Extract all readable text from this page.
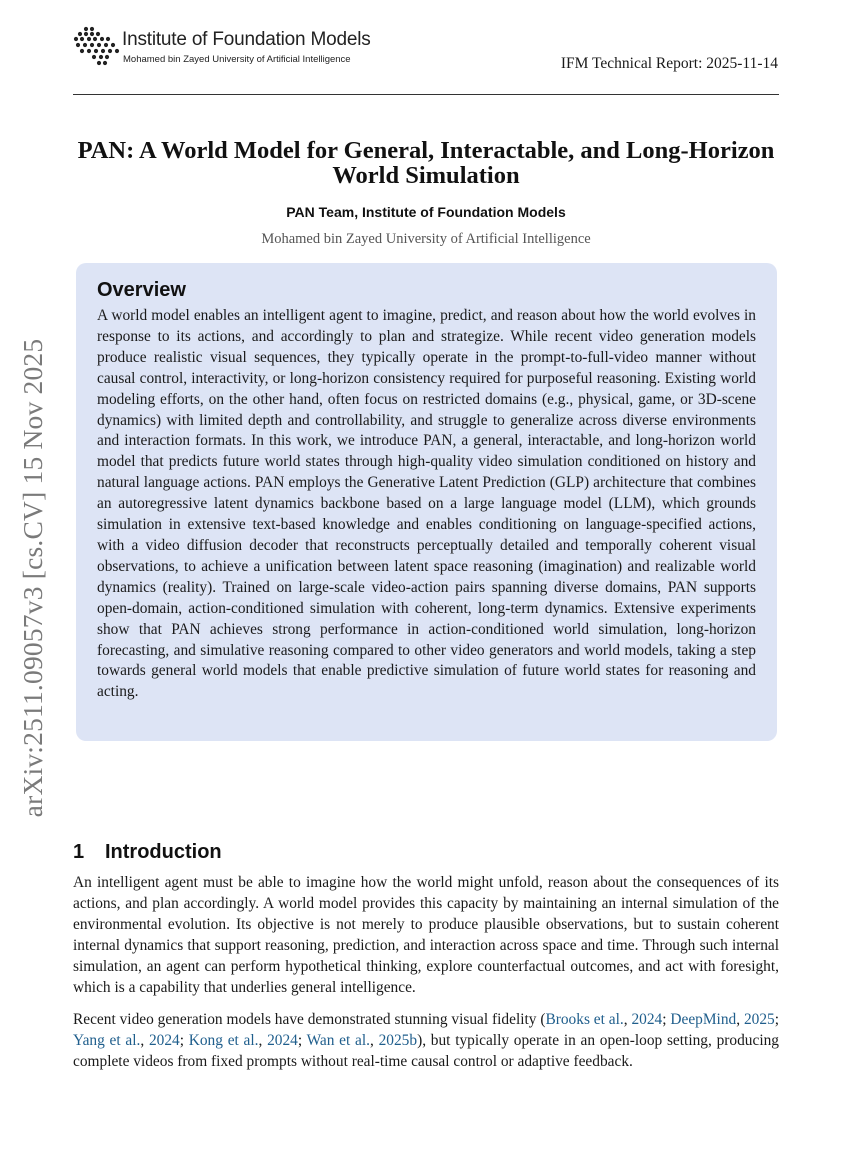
Institute of Foundation Models
Mohamed bin Zayed University of Artificial Intelligence	IFM Technical Report: 2025-11-14
arXiv:2511.09057v3 [cs.CV] 15 Nov 2025
PAN: A World Model for General, Interactable, and Long-Horizon World Simulation
PAN Team, Institute of Foundation Models
Mohamed bin Zayed University of Artificial Intelligence
Overview
A world model enables an intelligent agent to imagine, predict, and reason about how the world evolves in response to its actions, and accordingly to plan and strategize. While recent video generation models produce realistic visual sequences, they typically operate in the prompt-to-full-video manner without causal control, interactivity, or long-horizon consistency required for purposeful reasoning. Existing world modeling efforts, on the other hand, often focus on restricted domains (e.g., physical, game, or 3D-scene dynamics) with limited depth and controllability, and struggle to generalize across diverse environments and interaction formats. In this work, we introduce PAN, a general, interactable, and long-horizon world model that predicts future world states through high-quality video simulation conditioned on history and natural language actions. PAN employs the Generative Latent Prediction (GLP) architecture that combines an autoregressive latent dynamics backbone based on a large language model (LLM), which grounds simulation in extensive text-based knowledge and enables conditioning on language-specified actions, with a video diffusion decoder that reconstructs perceptually detailed and temporally coherent visual observations, to achieve a unification between latent space reasoning (imagination) and realizable world dynamics (reality). Trained on large-scale video-action pairs spanning diverse domains, PAN supports open-domain, action-conditioned simulation with coherent, long-term dynamics. Extensive experiments show that PAN achieves strong performance in action-conditioned world simulation, long-horizon forecasting, and simulative reasoning compared to other video generators and world models, taking a step towards general world models that enable predictive simulation of future world states for reasoning and acting.
1 Introduction
An intelligent agent must be able to imagine how the world might unfold, reason about the consequences of its actions, and plan accordingly. A world model provides this capacity by maintaining an internal simulation of the environmental evolution. Its objective is not merely to produce plausible observations, but to sustain coherent internal dynamics that support reasoning, prediction, and interaction across space and time. Through such internal simulation, an agent can perform hypothetical thinking, explore counterfactual outcomes, and act with foresight, which is a capability that underlies general intelligence.
Recent video generation models have demonstrated stunning visual fidelity (Brooks et al., 2024; DeepMind, 2025; Yang et al., 2024; Kong et al., 2024; Wan et al., 2025b), but typically operate in an open-loop setting, producing complete videos from fixed prompts without real-time causal control or adaptive feedback.
